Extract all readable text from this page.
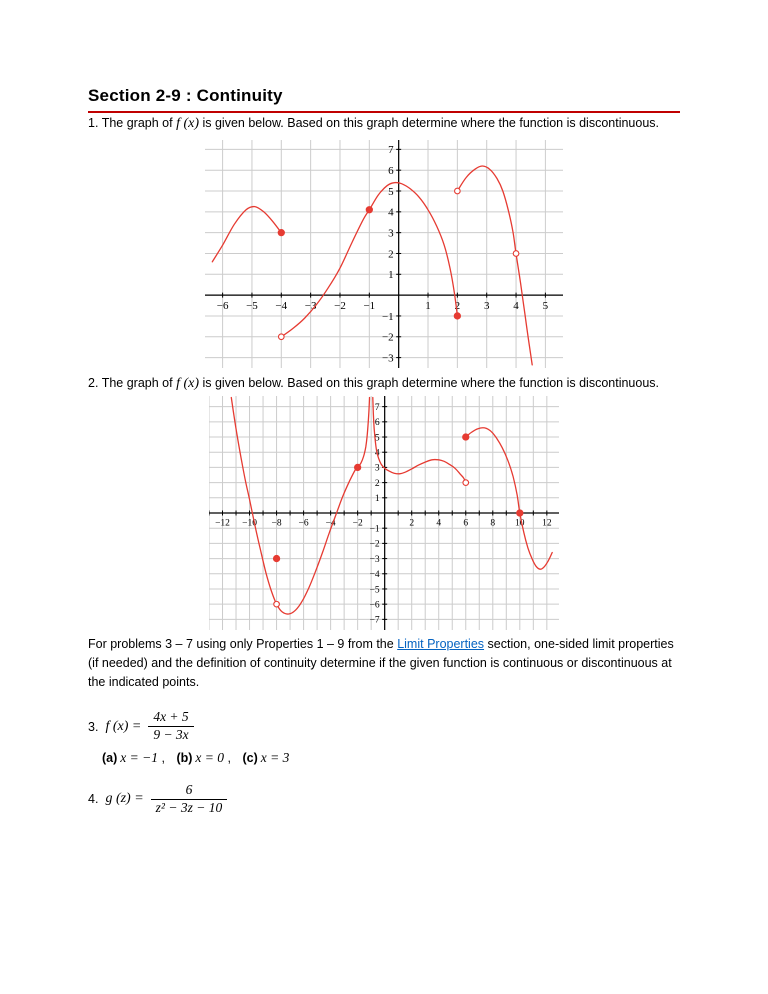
Section 2-9 : Continuity

1. The graph of f (x) is given below. Based on this graph determine where the function is discontinuous.

−6 −5 −4 −3 −2 −1	1 2 3 4 5
−3
−2
−1
1
2
3
4
5
6
7

2. The graph of f (x) is given below. Based on this graph determine where the function is discontinuous.

−12 −10 −8 −6 −4 −2	2 4 6 8 10 12
−7
−6
−5
−4
−3
−2
−1
1
2
3
4
5
6
7

For problems 3 – 7 using only Properties 1 – 9 from the Limit Properties section, one-sided limit properties (if needed) and the definition of continuity determine if the given function is continuous or discontinuous at the indicated points.

3. f $(x) = \frac{4x + 5}{9 - 3x}$
(a) x = −1 , (b) x = 0 , (c) x = 3
4. g $(z) = \frac{6}{\text{z² − 3z − 10}}$
